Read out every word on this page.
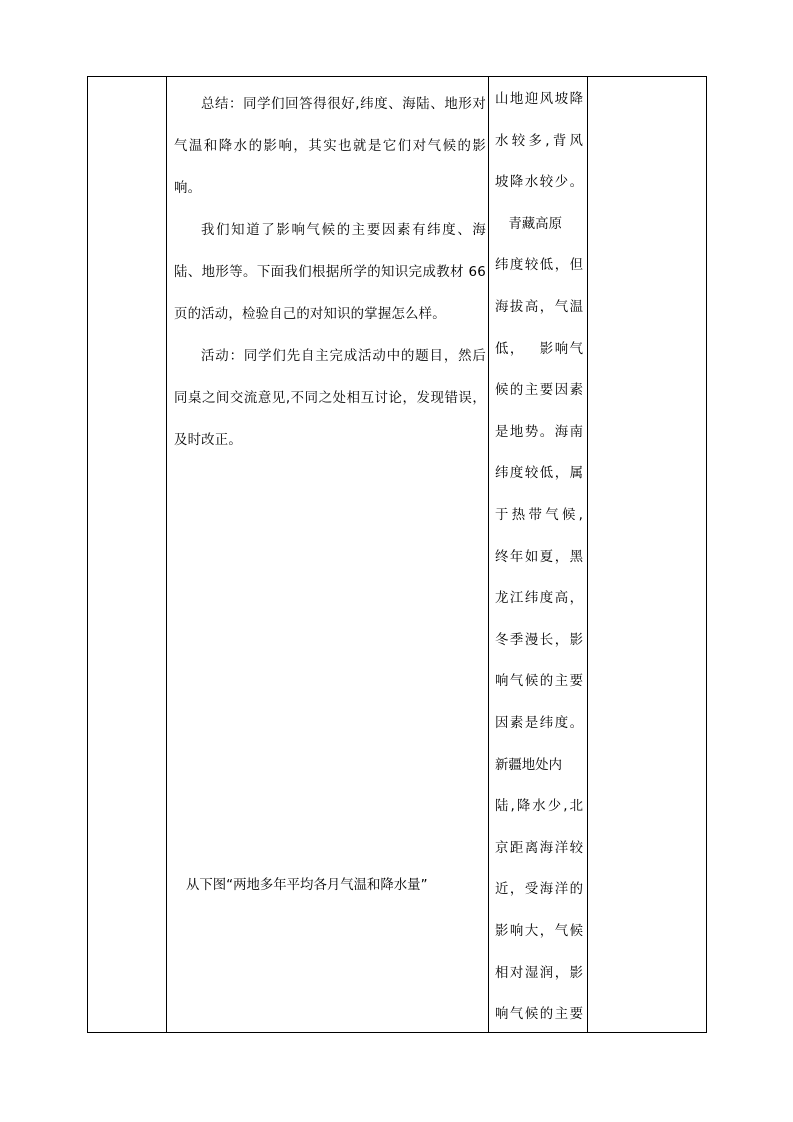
总结：同学们回答得很好,纬度、海陆、地形对气温和降水的影响，其实也就是它们对气候的影响。

我们知道了影响气候的主要因素有纬度、海陆、地形等。下面我们根据所学的知识完成教材 66页的活动，检验自己的对知识的掌握怎么样。

活动：同学们先自主完成活动中的题目，然后同桌之间交流意见,不同之处相互讨论，发现错误，及时改正。

从下图“两地多年平均各月气温和降水量”
山 地 迎 风 坡 降
水 较 多 , 背 风
坡 降 水 较 少 。

青 藏 高 原
纬 度 较 低 ， 但
海 拔 高 ， 气 温
低 ，
　 影 响 气
候 的 主 要 因 素
是 地 势 。 海 南
纬 度 较 低 ， 属
于 热 带 气 候 ,
终 年 如 夏 ， 黑
龙 江 纬 度 高 ，
冬 季 漫 长 ， 影
响 气 候 的 主 要
因 素 是 纬 度 。
新 疆 地 处 内
陆 , 降 水 少 , 北
京 距 离 海 洋 较
近 ， 受 海 洋 的
影 响 大 ， 气 候
相 对 湿 润 ， 影
响 气 候 的 主 要
